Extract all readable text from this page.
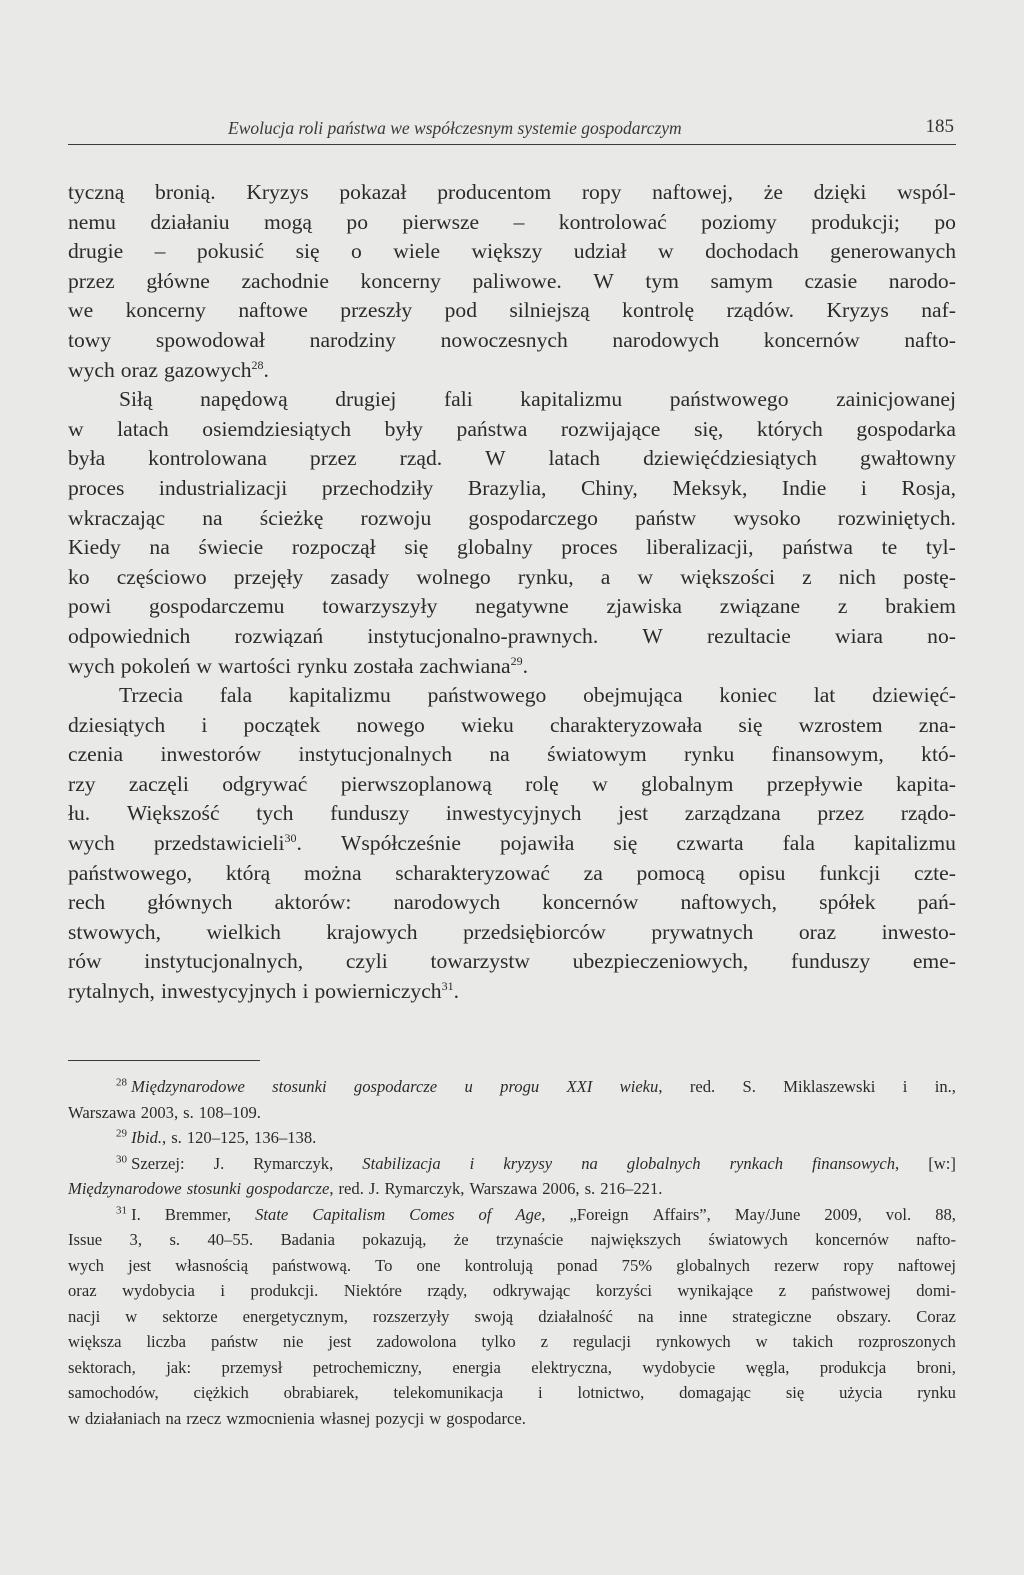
Ewolucja roli państwa we współczesnym systemie gospodarczym	185
tyczną bronią. Kryzys pokazał producentom ropy naftowej, że dzięki wspól-
nemu działaniu mogą po pierwsze – kontrolować poziomy produkcji; po
drugie – pokusić się o wiele większy udział w dochodach generowanych
przez główne zachodnie koncerny paliwowe. W tym samym czasie narodo-
we koncerny naftowe przeszły pod silniejszą kontrolę rządów. Kryzys naf-
towy spowodował narodziny nowoczesnych narodowych koncernów nafto-
wych oraz gazowych$^{28}$.
Siłą napędową drugiej fali kapitalizmu państwowego zainicjowanej
w latach osiemdziesiątych były państwa rozwijające się, których gospodarka
była kontrolowana przez rząd. W latach dziewięćdziesiątych gwałtowny
proces industrializacji przechodziły Brazylia, Chiny, Meksyk, Indie i Rosja,
wkraczając na ścieżkę rozwoju gospodarczego państw wysoko rozwiniętych.
Kiedy na świecie rozpoczął się globalny proces liberalizacji, państwa te tyl-
ko częściowo przejęły zasady wolnego rynku, a w większości z nich postę-
powi gospodarczemu towarzyszyły negatywne zjawiska związane z brakiem
odpowiednich rozwiązań instytucjonalno-prawnych. W rezultacie wiara no-
wych pokoleń w wartości rynku została zachwiana$^{29}$.
Trzecia fala kapitalizmu państwowego obejmująca koniec lat dziewięć-
dziesiątych i początek nowego wieku charakteryzowała się wzrostem zna-
czenia inwestorów instytucjonalnych na światowym rynku finansowym, któ-
rzy zaczęli odgrywać pierwszoplanową rolę w globalnym przepływie kapita-
łu. Większość tych funduszy inwestycyjnych jest zarządzana przez rządo-
wych przedstawicieli$^{30}$. Współcześnie pojawiła się czwarta fala kapitalizmu
państwowego, którą można scharakteryzować za pomocą opisu funkcji czte-
rech głównych aktorów: narodowych koncernów naftowych, spółek pań-
stwowych, wielkich krajowych przedsiębiorców prywatnych oraz inwesto-
rów instytucjonalnych, czyli towarzystw ubezpieczeniowych, funduszy eme-
rytalnych, inwestycyjnych i powierniczych$^{31}$.
$^{28}$ Międzynarodowe stosunki gospodarcze u progu XXI wieku, red. S. Miklaszewski i in.,
Warszawa 2003, s. 108–109.
$^{29}$ Ibid., s. 120–125, 136–138.
$^{30}$ Szerzej: J. Rymarczyk, Stabilizacja i kryzysy na globalnych rynkach finansowych, [w:]
Międzynarodowe stosunki gospodarcze, red. J. Rymarczyk, Warszawa 2006, s. 216–221.
$^{31}$ I. Bremmer, State Capitalism Comes of Age, „Foreign Affairs”, May/June 2009, vol. 88,
Issue 3, s. 40–55. Badania pokazują, że trzynaście największych światowych koncernów nafto-
wych jest własnością państwową. To one kontrolują ponad 75% globalnych rezerw ropy naftowej
oraz wydobycia i produkcji. Niektóre rządy, odkrywając korzyści wynikające z państwowej domi-
nacji w sektorze energetycznym, rozszerzyły swoją działalność na inne strategiczne obszary. Coraz
większa liczba państw nie jest zadowolona tylko z regulacji rynkowych w takich rozproszonych
sektorach, jak: przemysł petrochemiczny, energia elektryczna, wydobycie węgla, produkcja broni,
samochodów, ciężkich obrabiarek, telekomunikacja i lotnictwo, domagając się użycia rynku
w działaniach na rzecz wzmocnienia własnej pozycji w gospodarce.
